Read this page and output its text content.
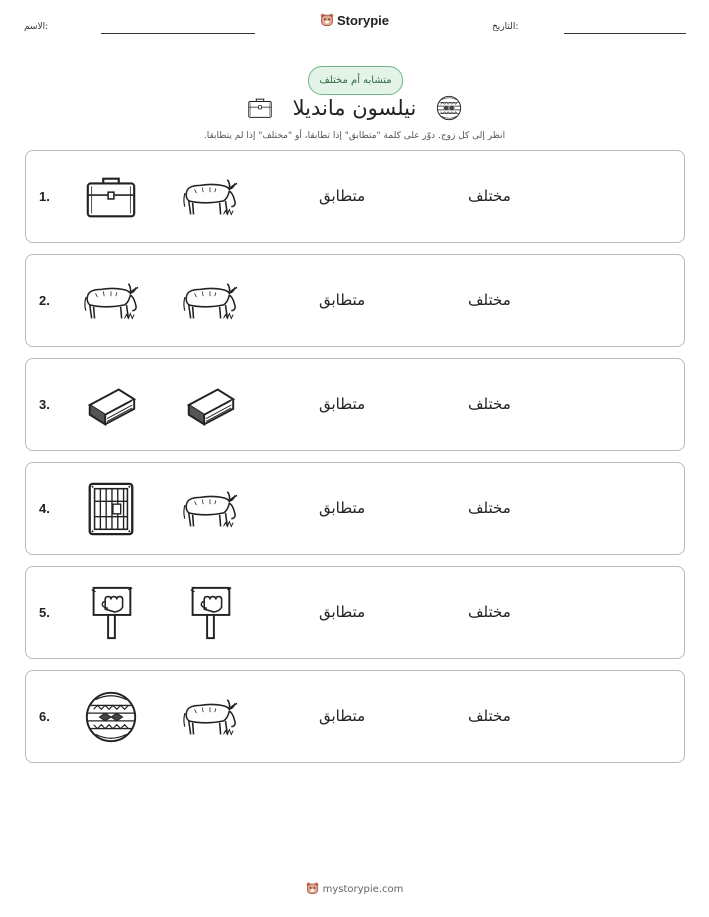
الاسم:	Storypie	التاريخ:
متشابه أم مختلف
نيلسون مانديلا
انظر إلى كل زوج. دوّر على كلمة "متطابق" إذا تطابقا، أو "مختلف" إذا لم يتطابقا.
1.	متطابق	مختلف
2.	متطابق	مختلف
3.	متطابق	مختلف
4.	متطابق	مختلف
5.	متطابق	مختلف
6.	متطابق	مختلف
mystorypie.com
